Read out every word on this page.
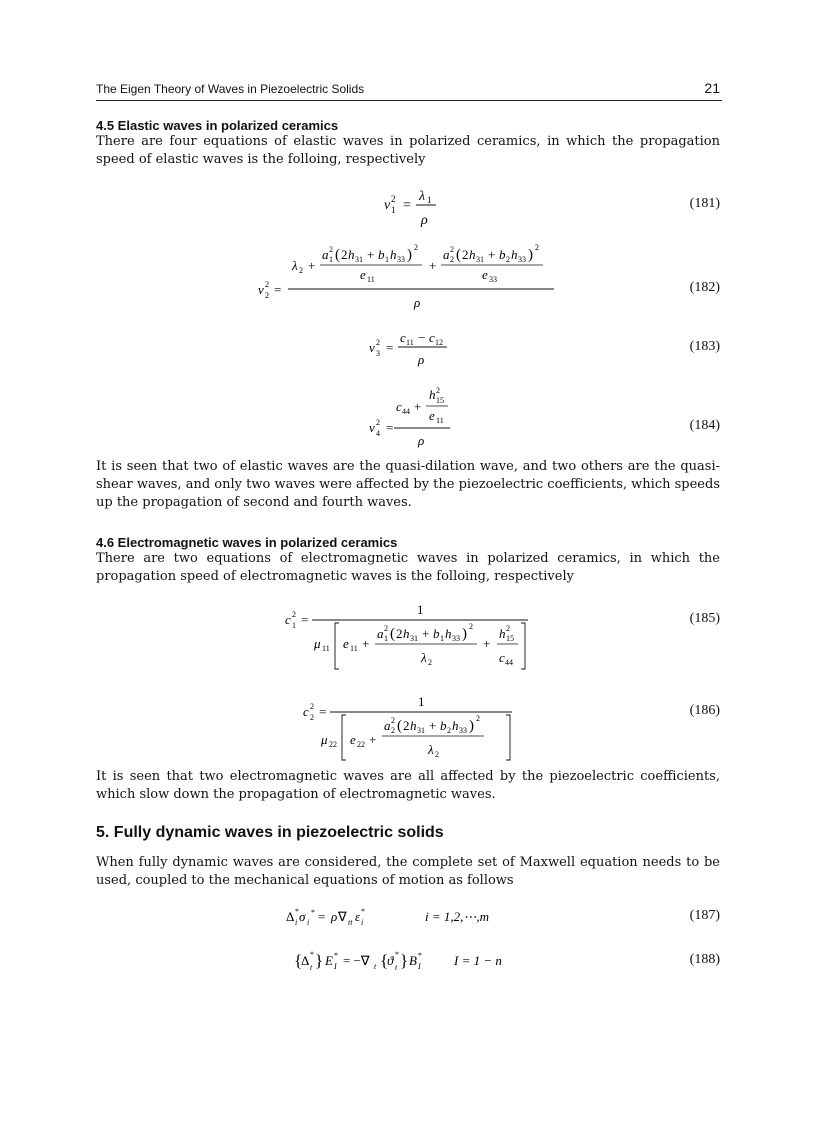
The Eigen Theory of Waves in Piezoelectric Solids	21
4.5 Elastic waves in polarized ceramics

There are four equations of elastic waves in polarized ceramics, in which the propagation speed of elastic waves is the folloing, respectively

v 2
1 =
λ 1
ρ
(181)
v 2
2 =
λ 2 +
a 2
1 ( 2 h 31 + b 1 h 33 ) 2
e 11
+
a 2
2 ( 2 h 31 + b 2 h 33 ) 2
e 33
ρ
(182)
v 2
3 =
c 11 − c 12
ρ
(183)
v 2
4 =
c 44 +
h 2
15
e 11
ρ
(184)

It is seen that two of elastic waves are the quasi-dilation wave, and two others are the quasi-shear waves, and only two waves were affected by the piezoelectric coefficients, which speeds up the propagation of second and fourth waves.

4.6 Electromagnetic waves in polarized ceramics

There are two equations of electromagnetic waves in polarized ceramics, in which the propagation speed of electromagnetic waves is the folloing, respectively

c 2
1 =
1
μ 11 e 11 +
a 2
1 ( 2 h 31 + b 1 h 33 ) 2
λ 2
+
h 2
15
c 44
(185)
c 2
2 =
1
μ 22 e 22 +
a 2
2 ( 2 h 31 + b 2 h 33 ) 2
λ 2
(186)

It is seen that two electromagnetic waves are all affected by the piezoelectric coefficients, which slow down the propagation of electromagnetic waves.

5. Fully dynamic waves in piezoelectric solids

When fully dynamic waves are considered, the complete set of Maxwell equation needs to be used, coupled to the mechanical equations of motion as follows

Δ *
i σ i
* = ρ ∇ tt ε *
i	i = 1,2,⋯,m	(187)
{
Δ *
t } E *
I = −∇ t {
ϑ *
t } B *
I	I = 1 − n	(188)
